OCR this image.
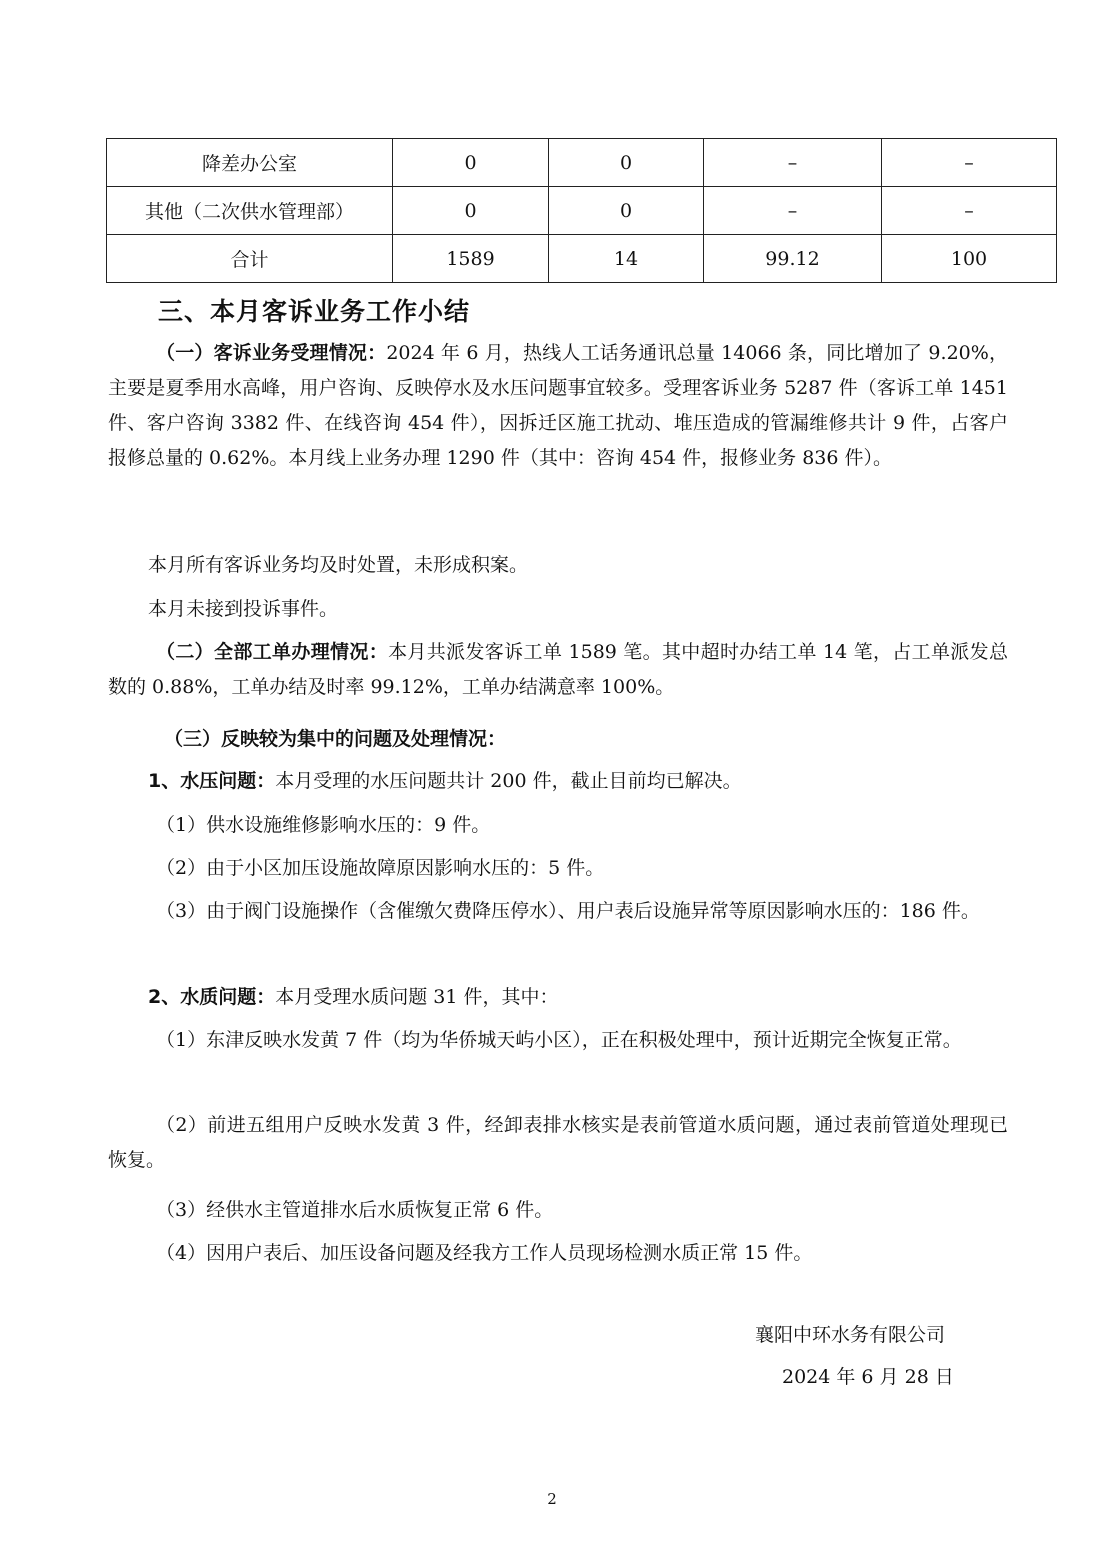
降差办公室	0	0	–	–
其他（二次供水管理部）	0	0	–	–
合计	1589	14	99.12	100
三、本月客诉业务工作小结

（一）客诉业务受理情况：2024 年 6 月，热线人工话务通讯总量 14066 条，同比增加了 9.20%，主要是夏季用水高峰，用户咨询、反映停水及水压问题事宜较多。受理客诉业务 5287 件（客诉工单 1451 件、客户咨询 3382 件、在线咨询 454 件），因拆迁区施工扰动、堆压造成的管漏维修共计 9 件，占客户报修总量的 0.62%。本月线上业务办理 1290 件（其中：咨询 454 件，报修业务 836 件）。

本月所有客诉业务均及时处置，未形成积案。

本月未接到投诉事件。

（二）全部工单办理情况：本月共派发客诉工单 1589 笔。其中超时办结工单 14 笔，占工单派发总数的 0.88%，工单办结及时率 99.12%，工单办结满意率 100%。

（三）反映较为集中的问题及处理情况：

1、水压问题：本月受理的水压问题共计 200 件，截止目前均已解决。

（1）供水设施维修影响水压的：9 件。

（2）由于小区加压设施故障原因影响水压的：5 件。

（3）由于阀门设施操作（含催缴欠费降压停水）、用户表后设施异常等原因影响水压的：186 件。

2、水质问题：本月受理水质问题 31 件，其中：

（1）东津反映水发黄 7 件（均为华侨城天屿小区），正在积极处理中，预计近期完全恢复正常。

（2）前进五组用户反映水发黄 3 件，经卸表排水核实是表前管道水质问题，通过表前管道处理现已恢复。

（3）经供水主管道排水后水质恢复正常 6 件。

（4）因用户表后、加压设备问题及经我方工作人员现场检测水质正常 15 件。

襄阳中环水务有限公司

2024 年 6 月 28 日

2
